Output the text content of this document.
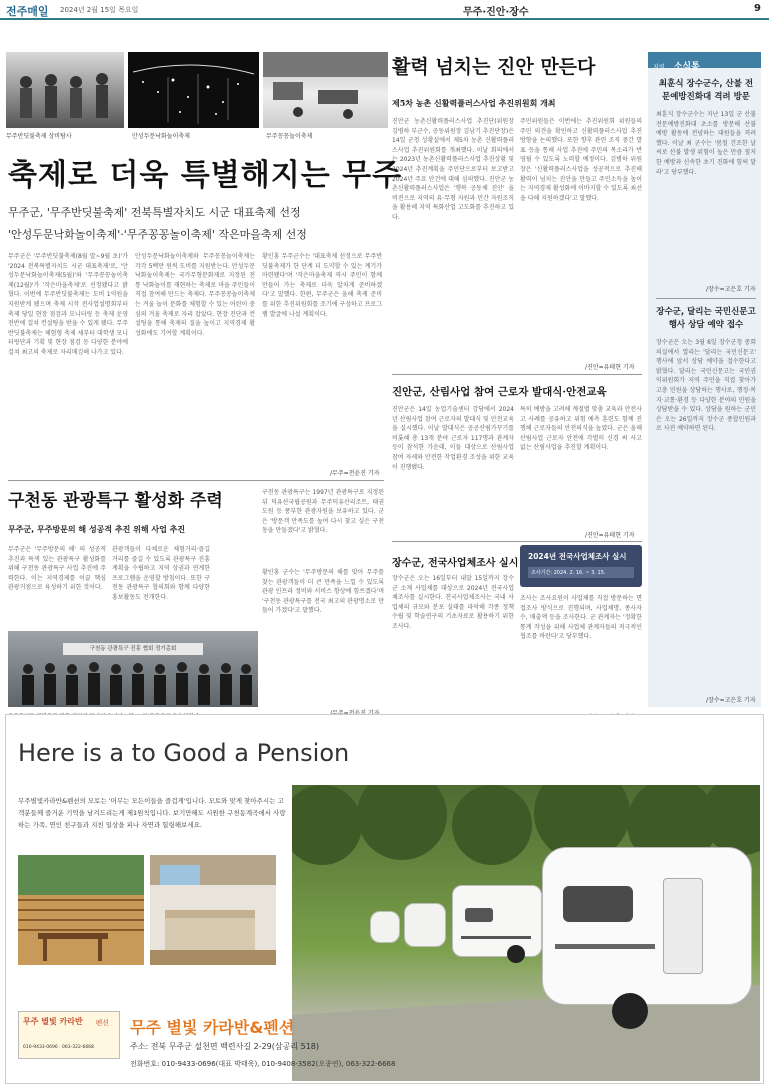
전주매일 2024년 2월 15일 목요일	무주·진안·장수	9
무주반딧불축제 상비탐사	안성두문낙화놀이축제	무주꽁꽁놀이축제
축제로 더욱 특별해지는 무주
무주군, '무주반딧불축제' 전북특별자치도 시군 대표축제 선정
'안성두문낙화놀이축제'·'무주꽁꽁놀이축제' 작은마을축제 선정
무주군은 '무주반딧불축제(8월 말~9월 초)'가 '2024 전북특별자치도 시군 대표축제'로, '안성두문낙화놀이축제(5월)'와 '무주꽁꽁놀이축제(12월)'가 '작은마을축제'로 선정됐다고 밝혔다. 이번에 무주반딧불축제는 도비 1억원을 지원받게 됐으며 축제 시작 전사업설명회부터 축제 당일 현장 점검과 모니터링 등 축제 운영 전반에 걸쳐 컨설팅을 받을 수 있게 됐다. 무주반딧불축제는 체험형 축제 세부터 대학생 모니터링단과 기획 및 현장 점검 등 다양한 분야에 걸쳐 최고의 축제로 자리매김해 나가고 있다.
안성두문낙화놀이축제와 무주꽁꽁놀이축제는 각각 5백만 원씩 도비를 지원받는다. 안성두문낙화놀이축제는 국가무형문화재로 지정된 전통 낙화놀이를 재현하는 축제로 마을 주민들이 직접 참여해 만드는 축제다. 무주꽁꽁놀이축제는 겨울 놀이 문화를 체험할 수 있는 어린이 중심의 겨울 축제로 자리 잡았다. 현장 진단과 컨설팅을 통해 축제의 질을 높이고 지역경제 활성화에도 기여할 계획이다.
황인홍 무주군수는 '대표축제 선정으로 무주반딧불축제가 한 단계 더 도약할 수 있는 계기가 마련됐다'며 '작은마을축제 역시 주민이 함께 만들어 가는 축제로 더욱 알차게 준비하겠다'고 말했다. 한편, 무주군은 올해 축제 준비를 위한 추진위원회를 조기에 구성하고 프로그램 발굴에 나설 계획이다.
/무주=전윤진 기자
활력 넘치는 진안 만든다
제5차 농촌 신활력플러스사업 추진위원회 개최
진안군 농촌신활력플러스사업 추진단(위원장 김병하 부군수, 공동위원장 김남기 추진단장)은 14일 군청 상황실에서 제5차 농촌 신활력플러스사업 추진위원회를 개최했다. 이날 회의에서는 2023년 농촌신활력플러스사업 추진상황 및 2024년 추진계획을 주민단으로부터 보고받고 2024년 주요 안건에 대해 심의했다. 진안군 농촌신활력플러스사업은 '행복 공동체 진안' 을 비전으로 지역의 유·무형 자원과 민간 자원조직을 활용해 지역 특화산업 고도화를 추진하고 있다.
주민위원들은 이번에는 추진위원회 위원들의 주민 의견을 확인하고 신활력플러스사업 추진 방향을 논의했다. 또한 향후 관련 조직 중간 발표 등을 통해 사업 추진에 주민의 목소리가 반영될 수 있도록 노력할 예정이다. 김병하 위원장은 '신활력플러스사업을 성공적으로 추진해 활력이 넘치는 진안을 만들고 주민소득을 높이는 지역경제 활성화에 이바지할 수 있도록 최선을 다해 지원하겠다'고 말했다.
/진안=유태현 기자
진안군, 산림사업 참여 근로자 발대식·안전교육
진안군은 14일 농업기술센터 강당에서 2024년 산림사업 참여 근로자의 발대식 및 안전교육을 실시했다. 이날 발대식은 공공산림가꾸기를 비롯해 총 13개 분야 근로자 117명과 관계자 등이 참석한 가운데, 이들 대상으로 산림사업 참여 자세와 안전한 작업환경 조성을 위한 교육이 진행됐다.
특히 예방을 고려해 계절별 맞춤 교육과 안전사고 사례를 공유하고 위험 예측 훈련도 함께 진행해 근로자들의 안전의식을 높였다. 군은 올해 산림사업 근로자 안전에 각별히 신경 써 사고 없는 산림사업을 추진할 계획이다.
/진안=유태현 기자
장수군, 전국사업체조사 실시
장수군은 오는 16일부터 내달 15일까지 장수군 소재 사업체를 대상으로 2024년 전국사업체조사를 실시한다. 전국사업체조사는 국내 사업체의 규모와 분포 실태를 파악해 각종 정책 수립 및 학술연구의 기초자료로 활용하기 위한 조사다.
2024년 전국사업체조사 실시
조사기간: 2024. 2. 16. ~ 3. 15.
조사는 조사요원이 사업체를 직접 방문하는 면접조사 방식으로 진행되며, 사업체명, 종사자 수, 매출액 등을 조사한다. 군 관계자는 '정확한 통계 작성을 위해 사업체 관계자들의 적극적인 협조를 바란다'고 당부했다.
구천동 관광특구 활성화 주력
무주군, 무주방문의 해 성공적 추진 위해 사업 추진
무주군은 '무주방문의 해' 의 성공적 추진과 특색 있는 관광특구 활성화를 위해 구천동 관광특구 사업 추진에 주력한다. 이는 지역경제를 이끌 핵심 관광거점으로 육성하기 위한 것이다.
관광객들이 다채로운 체험거리·즐길거리를 즐길 수 있도록 관광특구 진흥계획을 수립하고 지역 상권과 연계한 프로그램을 운영할 방침이다. 또한 구천동 관광특구 협의회와 함께 다양한 홍보활동도 전개한다.
구천동 관광특구는 1997년 관광특구로 지정된 뒤 덕유산국립공원과 무주덕유산리조트, 태권도원 등 풍부한 관광자원을 보유하고 있다. 군은 '방문객 만족도를 높여 다시 찾고 싶은 구천동을 만들겠다'고 밝혔다.
황인홍 군수는 '무주방문의 해를 맞아 무주를 찾는 관광객들이 더 큰 만족을 느낄 수 있도록 관광 인프라 정비와 서비스 향상에 힘쓰겠다'며 '구천동 관광특구를 전국 최고의 관광명소로 만들어 가겠다'고 말했다.
구천동 관광특구 진흥 협회 정기총회
지역 소식통
최훈식 장수군수, 산불 전문예방진화대 격려 방문
최훈식 장수군수는 지난 13일 군 산불전문예방진화대 초소를 방문해 산불 예방 활동에 전념하는 대원들을 격려했다. 이날 최 군수는 '봄철 건조한 날씨로 산불 발생 위험이 높은 만큼 철저한 예방과 신속한 초기 진화에 힘써 달라'고 당부했다.
/장수=고은호 기자
장수군, 달리는 국민신문고 행사 상담 예약 접수
장수군은 오는 3월 6일 장수군청 중회의실에서 열리는 '달리는 국민신문고' 행사에 앞서 상담 예약을 접수한다고 밝혔다. 달리는 국민신문고는 국민권익위원회가 지역 주민을 직접 찾아가 고충 민원을 상담하는 행사로, 행정·복지·교통·환경 등 다양한 분야의 민원을 상담받을 수 있다. 상담을 원하는 군민은 오는 26일까지 장수군 종합민원과로 사전 예약하면 된다.
/장수=고은호 기자
Here is a to Good a Pension
무주별빛카라반&펜션의 모토는 '머무는 모든이들을 즐겁게'입니다. 모토와 맞게 찾아주시는 고객분들께 즐거운 기억을 남겨드리는게 제1원칙입니다. 보기만해도 시원한 구천동계곡에서 사랑하는 가족, 연인 친구들과 지친 일상을 피나 자연과 힐링해보세요.
무주 별빛 카라반	펜션
010-9433-0696 · 063-322-6668
무주 별빛 카라반&펜션
주소: 전북 무주군 설천면 백련사길 2-29(삼공리 518)
전화번호: 010-9433-0696(대표 박태욱), 010-9408-3582(오종연), 063-322-6668
